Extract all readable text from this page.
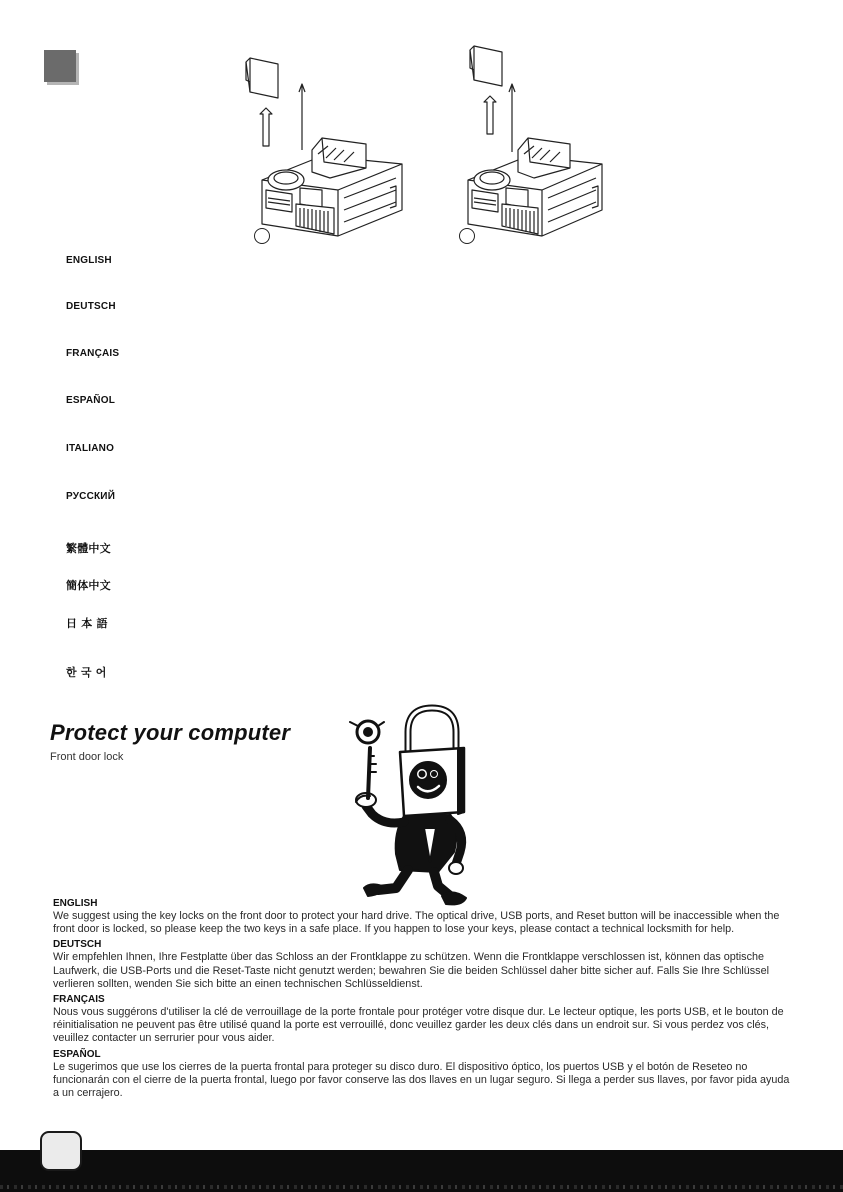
ENGLISH
DEUTSCH
FRANÇAIS
ESPAÑOL
ITALIANO
РУССКИЙ
繁體中文
簡体中文
日 本 語
한 국 어
Protect your computer
Front door lock

ENGLISH

We suggest using the key locks on the front door to protect your hard drive. The optical drive, USB ports, and Reset button will be inaccessible when the front door is locked, so please keep the two keys in a safe place. If you happen to lose your keys, please contact a technical locksmith for help.

DEUTSCH

Wir empfehlen Ihnen, Ihre Festplatte über das Schloss an der Frontklappe zu schützen. Wenn die Frontklappe verschlossen ist, können das optische Laufwerk, die USB-Ports und die Reset-Taste nicht genutzt werden; bewahren Sie die beiden Schlüssel daher bitte sicher auf. Falls Sie Ihre Schlüssel verlieren sollten, wenden Sie sich bitte an einen technischen Schlüsseldienst.

FRANÇAIS

Nous vous suggérons d'utiliser la clé de verrouillage de la porte frontale pour protéger votre disque dur. Le lecteur optique, les ports USB, et le bouton de réinitialisation ne peuvent pas être utilisé quand la porte est verrouillé, donc veuillez garder les deux clés dans un endroit sur. Si vous perdez vos clés, veuillez contacter un serrurier pour vous aider.

ESPAÑOL

Le sugerimos que use los cierres de la puerta frontal para proteger su disco duro. El dispositivo óptico, los puertos USB y el botón de Reseteo no funcionarán con el cierre de la puerta frontal, luego por favor conserve las dos llaves en un lugar seguro. Si llega a perder sus llaves, por favor pida ayuda a un cerrajero.
